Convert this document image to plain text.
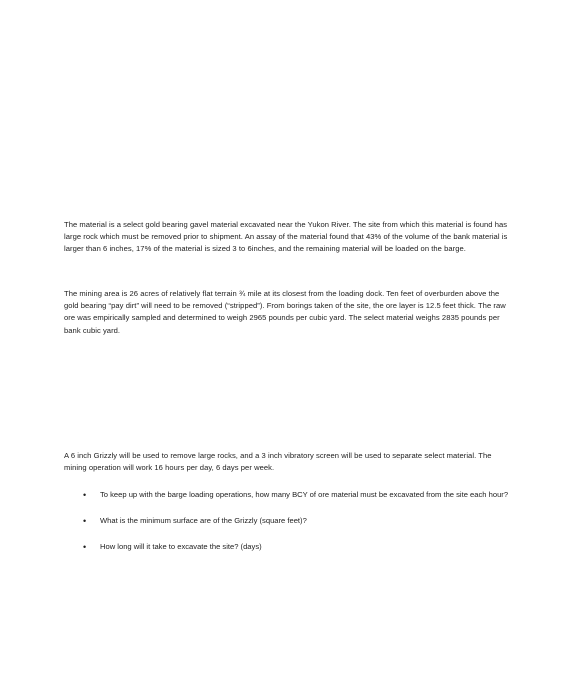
The material is a select gold bearing gavel material excavated near the Yukon River. The site from which this material is found has large rock which must be removed prior to shipment. An assay of the material found that 43% of the volume of the bank material is larger than 6 inches, 17% of the material is sized 3 to 6inches, and the remaining material will be loaded on the barge.

The mining area is 26 acres of relatively flat terrain ¾ mile at its closest from the loading dock. Ten feet of overburden above the gold bearing “pay dirt” will need to be removed (“stripped”). From borings taken of the site, the ore layer is 12.5 feet thick. The raw ore was empirically sampled and determined to weigh 2965 pounds per cubic yard. The select material weighs 2835 pounds per bank cubic yard.

A 6 inch Grizzly will be used to remove large rocks, and a 3 inch vibratory screen will be used to separate select material. The mining operation will work 16 hours per day, 6 days per week.

•	To keep up with the barge loading operations, how many BCY of ore material must be excavated from the site each hour?
• What is the minimum surface are of the Grizzly (square feet)?
• How long will it take to excavate the site? (days)
